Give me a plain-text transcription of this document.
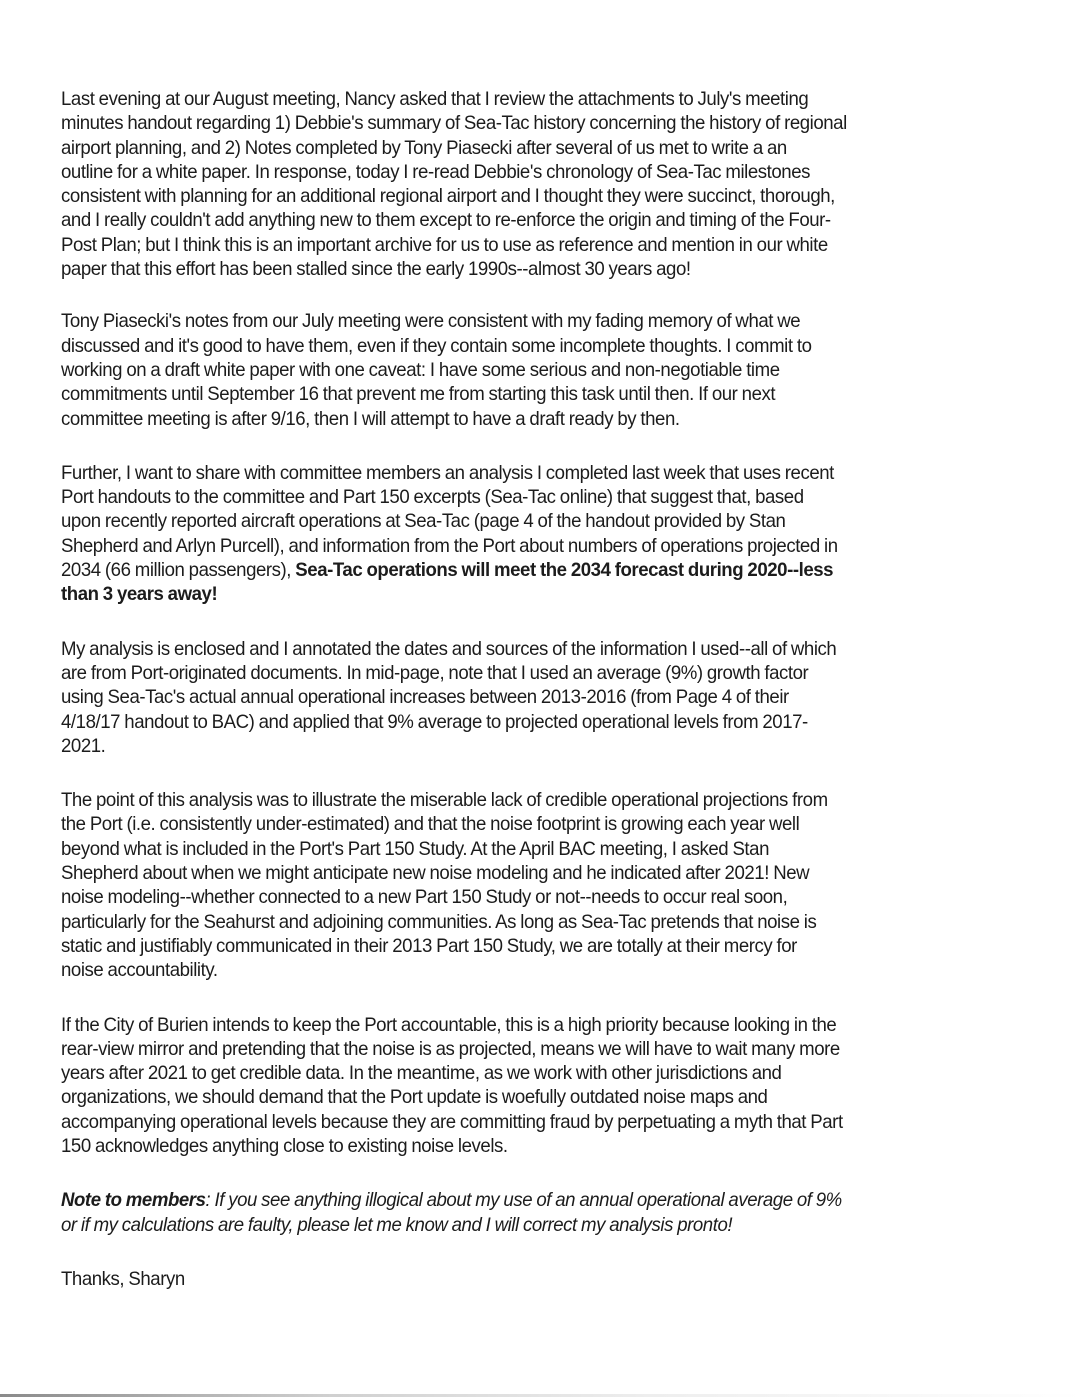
Last evening at our August meeting, Nancy asked that I review the attachments to July's meeting
minutes handout regarding 1) Debbie's summary of Sea-Tac history concerning the history of regional
airport planning, and 2) Notes completed by Tony Piasecki after several of us met to write a an
outline for a white paper. In response, today I re-read Debbie's chronology of Sea-Tac milestones
consistent with planning for an additional regional airport and I thought they were succinct, thorough,
and I really couldn't add anything new to them except to re-enforce the origin and timing of the Four-
Post Plan; but I think this is an important archive for us to use as reference and mention in our white
paper that this effort has been stalled since the early 1990s--almost 30 years ago!

Tony Piasecki's notes from our July meeting were consistent with my fading memory of what we
discussed and it's good to have them, even if they contain some incomplete thoughts. I commit to
working on a draft white paper with one caveat: I have some serious and non-negotiable time
commitments until September 16 that prevent me from starting this task until then. If our next
committee meeting is after 9/16, then I will attempt to have a draft ready by then.

Further, I want to share with committee members an analysis I completed last week that uses recent
Port handouts to the committee and Part 150 excerpts (Sea-Tac online) that suggest that, based
upon recently reported aircraft operations at Sea-Tac (page 4 of the handout provided by Stan
Shepherd and Arlyn Purcell), and information from the Port about numbers of operations projected in
2034 (66 million passengers), Sea-Tac operations will meet the 2034 forecast during 2020--less
than 3 years away!

My analysis is enclosed and I annotated the dates and sources of the information I used--all of which
are from Port-originated documents. In mid-page, note that I used an average (9%) growth factor
using Sea-Tac's actual annual operational increases between 2013-2016 (from Page 4 of their
4/18/17 handout to BAC) and applied that 9% average to projected operational levels from 2017-
2021.

The point of this analysis was to illustrate the miserable lack of credible operational projections from
the Port (i.e. consistently under-estimated) and that the noise footprint is growing each year well
beyond what is included in the Port's Part 150 Study. At the April BAC meeting, I asked Stan
Shepherd about when we might anticipate new noise modeling and he indicated after 2021! New
noise modeling--whether connected to a new Part 150 Study or not--needs to occur real soon,
particularly for the Seahurst and adjoining communities. As long as Sea-Tac pretends that noise is
static and justifiably communicated in their 2013 Part 150 Study, we are totally at their mercy for
noise accountability.

If the City of Burien intends to keep the Port accountable, this is a high priority because looking in the
rear-view mirror and pretending that the noise is as projected, means we will have to wait many more
years after 2021 to get credible data. In the meantime, as we work with other jurisdictions and
organizations, we should demand that the Port update is woefully outdated noise maps and
accompanying operational levels because they are committing fraud by perpetuating a myth that Part
150 acknowledges anything close to existing noise levels.

Note to members: If you see anything illogical about my use of an annual operational average of 9%
or if my calculations are faulty, please let me know and I will correct my analysis pronto!

Thanks, Sharyn
